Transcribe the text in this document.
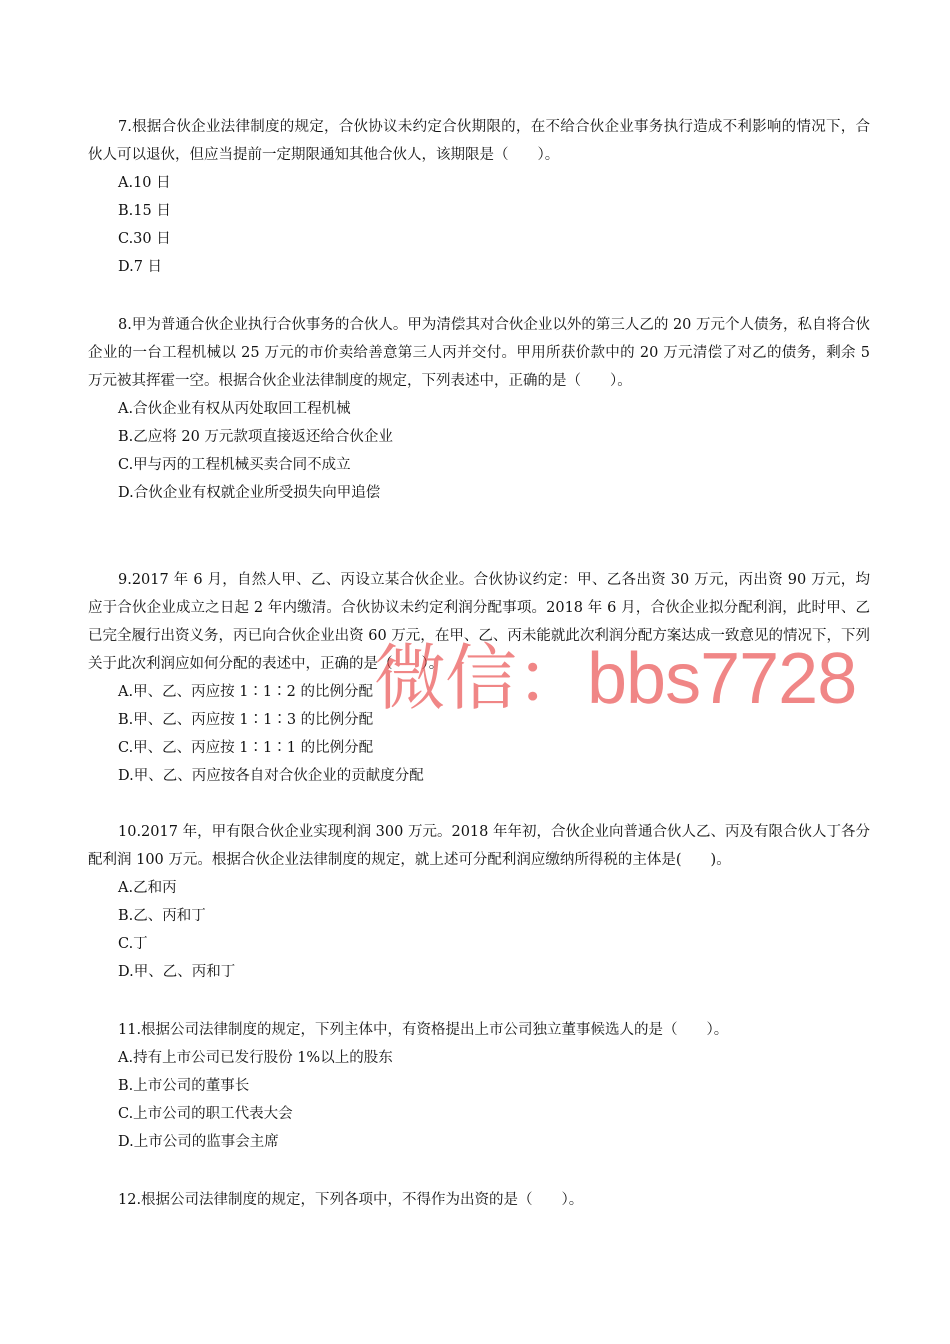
7.根据合伙企业法律制度的规定，合伙协议未约定合伙期限的，在不给合伙企业事务执行造成不利影响的情况下，合伙人可以退伙，但应当提前一定期限通知其他合伙人，该期限是（　　）。

A.10 日
B.15 日
C.30 日
D.7 日

8.甲为普通合伙企业执行合伙事务的合伙人。甲为清偿其对合伙企业以外的第三人乙的 20 万元个人债务，私自将合伙企业的一台工程机械以 25 万元的市价卖给善意第三人丙并交付。甲用所获价款中的 20 万元清偿了对乙的债务，剩余 5 万元被其挥霍一空。根据合伙企业法律制度的规定，下列表述中，正确的是（　　）。

A.合伙企业有权从丙处取回工程机械
B.乙应将 20 万元款项直接返还给合伙企业
C.甲与丙的工程机械买卖合同不成立
D.合伙企业有权就企业所受损失向甲追偿

9.2017 年 6 月，自然人甲、乙、丙设立某合伙企业。合伙协议约定：甲、乙各出资 30 万元，丙出资 90 万元，均应于合伙企业成立之日起 2 年内缴清。合伙协议未约定利润分配事项。2018 年 6 月，合伙企业拟分配利润，此时甲、乙已完全履行出资义务，丙已向合伙企业出资 60 万元，在甲、乙、丙未能就此次利润分配方案达成一致意见的情况下，下列关于此次利润应如何分配的表述中，正确的是（　　）。

A.甲、乙、丙应按 1∶1∶2 的比例分配
B.甲、乙、丙应按 1∶1∶3 的比例分配
C.甲、乙、丙应按 1∶1∶1 的比例分配
D.甲、乙、丙应按各自对合伙企业的贡献度分配

10.2017 年，甲有限合伙企业实现利润 300 万元。2018 年年初，合伙企业向普通合伙人乙、丙及有限合伙人丁各分配利润 100 万元。根据合伙企业法律制度的规定，就上述可分配利润应缴纳所得税的主体是(　　)。

A.乙和丙
B.乙、丙和丁
C.丁
D.甲、乙、丙和丁

11.根据公司法律制度的规定，下列主体中，有资格提出上市公司独立董事候选人的是（　　）。

A.持有上市公司已发行股份 1%以上的股东
B.上市公司的董事长
C.上市公司的职工代表大会
D.上市公司的监事会主席

12.根据公司法律制度的规定，下列各项中，不得作为出资的是（　　）。

微信：bbs7728
